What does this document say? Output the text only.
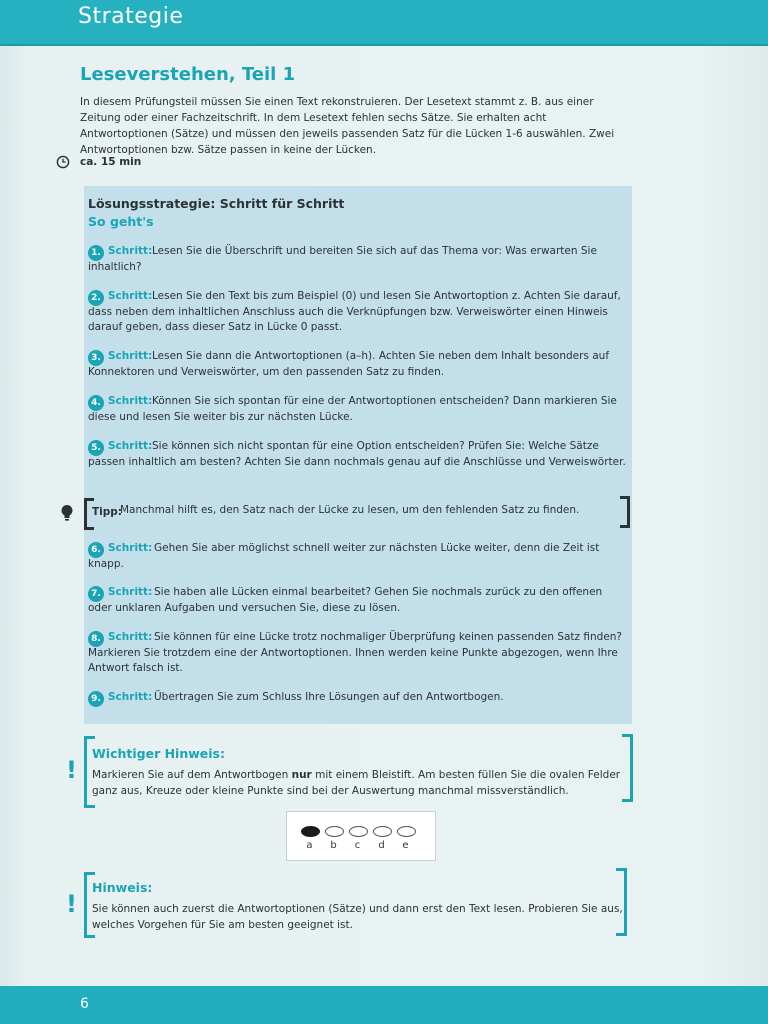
Strategie
Leseverstehen, Teil 1

In diesem Prüfungsteil müssen Sie einen Text rekonstruieren. Der Lesetext stammt z. B. aus einer Zeitung oder einer Fachzeitschrift. In dem Lesetext fehlen sechs Sätze. Sie erhalten acht Antwortoptionen (Sätze) und müssen den jeweils passenden Satz für die Lücken 1-6 auswählen. Zwei Antwortoptionen bzw. Sätze passen in keine der Lücken.

ca. 15 min
Lösungsstrategie: Schritt für Schritt
So geht's
1. Schritt: Lesen Sie die Überschrift und bereiten Sie sich auf das Thema vor: Was erwarten Sie inhaltlich?

2. Schritt: Lesen Sie den Text bis zum Beispiel (0) und lesen Sie Antwortoption z. Achten Sie darauf, dass neben dem inhaltlichen Anschluss auch die Verknüpfungen bzw. Verweiswörter einen Hinweis darauf geben, dass dieser Satz in Lücke 0 passt.

3. Schritt: Lesen Sie dann die Antwortoptionen (a–h). Achten Sie neben dem Inhalt besonders auf Konnektoren und Verweiswörter, um den passenden Satz zu finden.

4. Schritt: Können Sie sich spontan für eine der Antwortoptionen entscheiden? Dann markieren Sie diese und lesen Sie weiter bis zur nächsten Lücke.

5. Schritt: Sie können sich nicht spontan für eine Option entscheiden? Prüfen Sie: Welche Sätze passen inhaltlich am besten? Achten Sie dann nochmals genau auf die Anschlüsse und Verweiswörter.

Tipp:
Manchmal hilft es, den Satz nach der Lücke zu lesen, um den fehlenden Satz zu finden.
6. Schritt: Gehen Sie aber möglichst schnell weiter zur nächsten Lücke weiter, denn die Zeit ist knapp.

7. Schritt: Sie haben alle Lücken einmal bearbeitet? Gehen Sie nochmals zurück zu den offenen oder unklaren Aufgaben und versuchen Sie, diese zu lösen.

8. Schritt: Sie können für eine Lücke trotz nochmaliger Überprüfung keinen passenden Satz finden? Markieren Sie trotzdem eine der Antwortoptionen. Ihnen werden keine Punkte abgezogen, wenn Ihre Antwort falsch ist.

9. Schritt: Übertragen Sie zum Schluss Ihre Lösungen auf den Antwortbogen.

!
Wichtiger Hinweis:

Markieren Sie auf dem Antwortbogen nur mit einem Bleistift. Am besten füllen Sie die ovalen Felder ganz aus, Kreuze oder kleine Punkte sind bei der Auswertung manchmal missverständlich.

a	b	c	d	e
!
Hinweis:

Sie können auch zuerst die Antwortoptionen (Sätze) und dann erst den Text lesen. Probieren Sie aus, welches Vorgehen für Sie am besten geeignet ist.

6
